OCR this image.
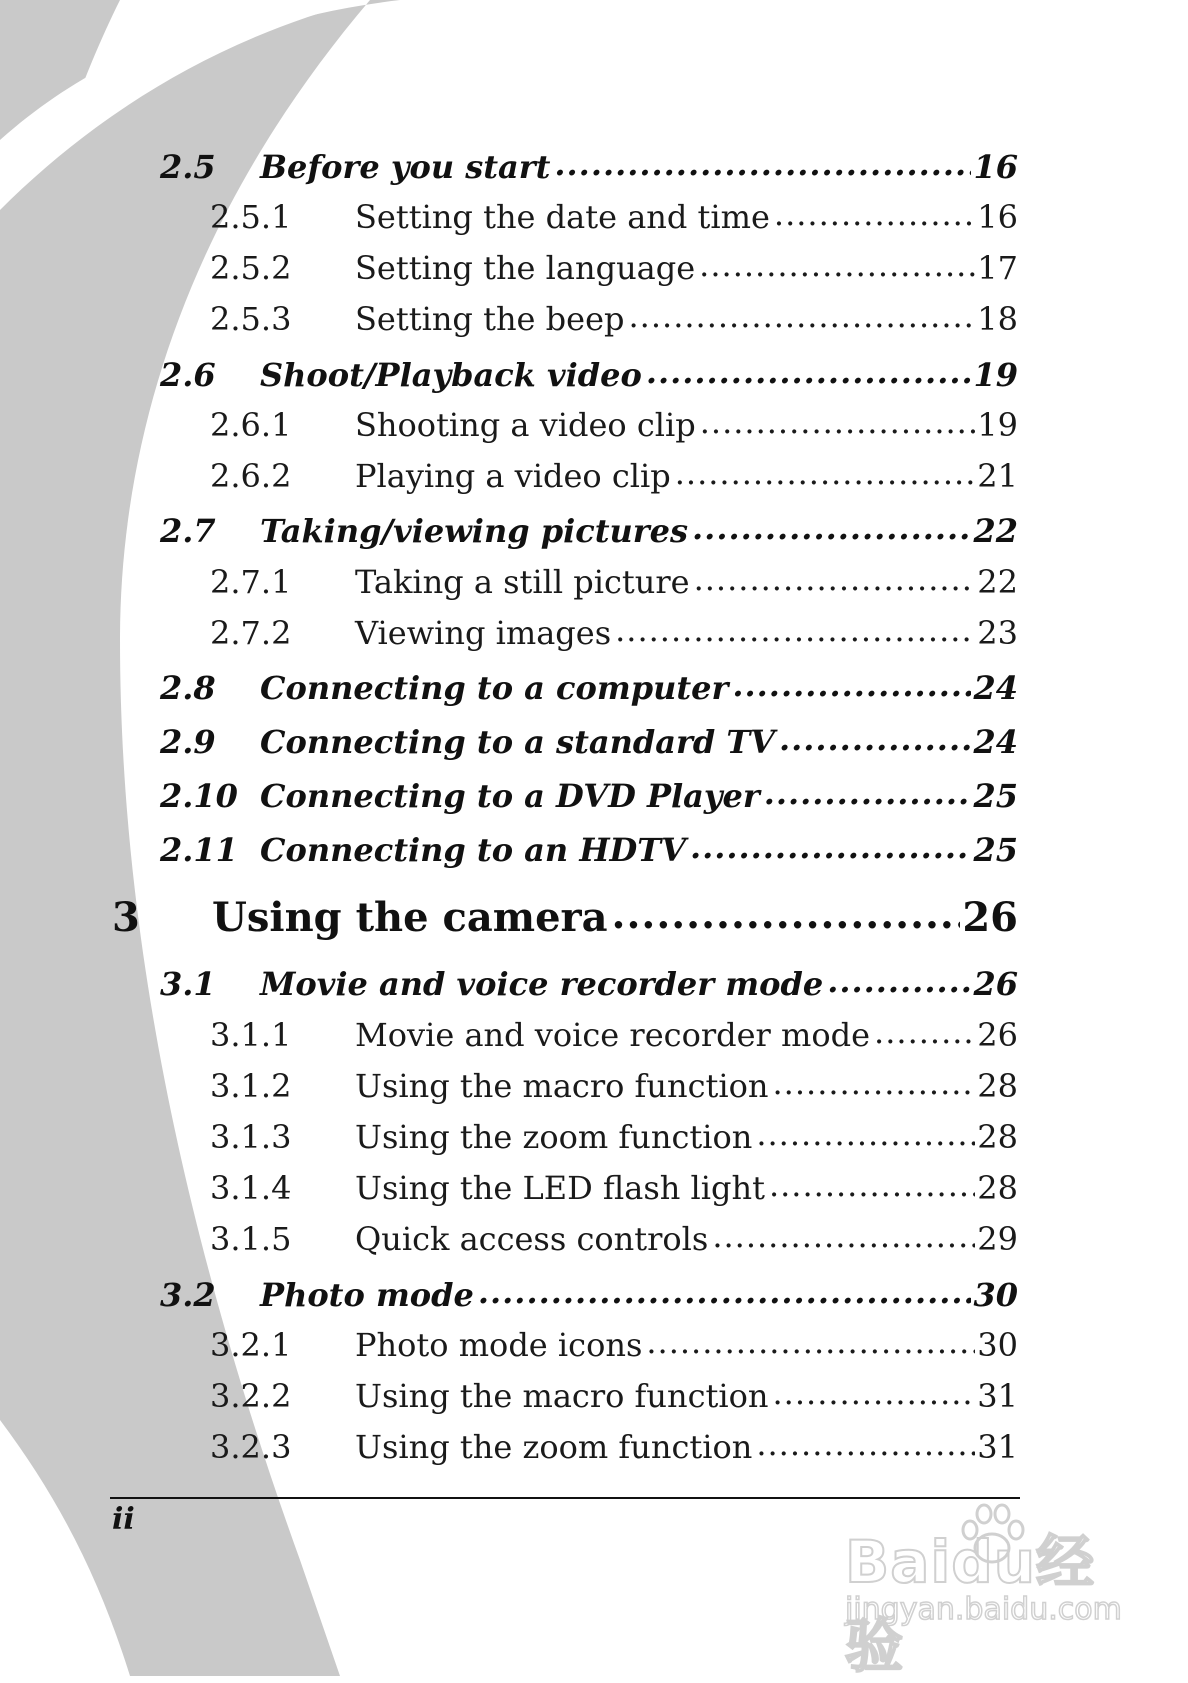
2.5	Before you start .....	16
2.5.1	Setting the date and time .....	16
2.5.2	Setting the language .....	17
2.5.3	Setting the beep .....	18
2.6	Shoot/Playback video .....	19
2.6.1	Shooting a video clip .....	19
2.6.2	Playing a video clip .....	21
2.7	Taking/viewing pictures .....	22
2.7.1	Taking a still picture .....	22
2.7.2	Viewing images .....	23
2.8	Connecting to a computer .....	24
2.9	Connecting to a standard TV .....	24
2.10 Connecting to a DVD Player .....	25
2.11 Connecting to an HDTV .....	25
3	Using the camera .....	26
3.1	Movie and voice recorder mode .....	26
3.1.1	Movie and voice recorder mode .....	26
3.1.2	Using the macro function .....	28
3.1.3	Using the zoom function .....	28
3.1.4	Using the LED flash light .....	28
3.1.5	Quick access controls .....	29
3.2	Photo mode .....	30
3.2.1	Photo mode icons .....	30
3.2.2	Using the macro function .....	31
3.2.3	Using the zoom function .....	31
ii
Baidu经验
jingyan.baidu.com
